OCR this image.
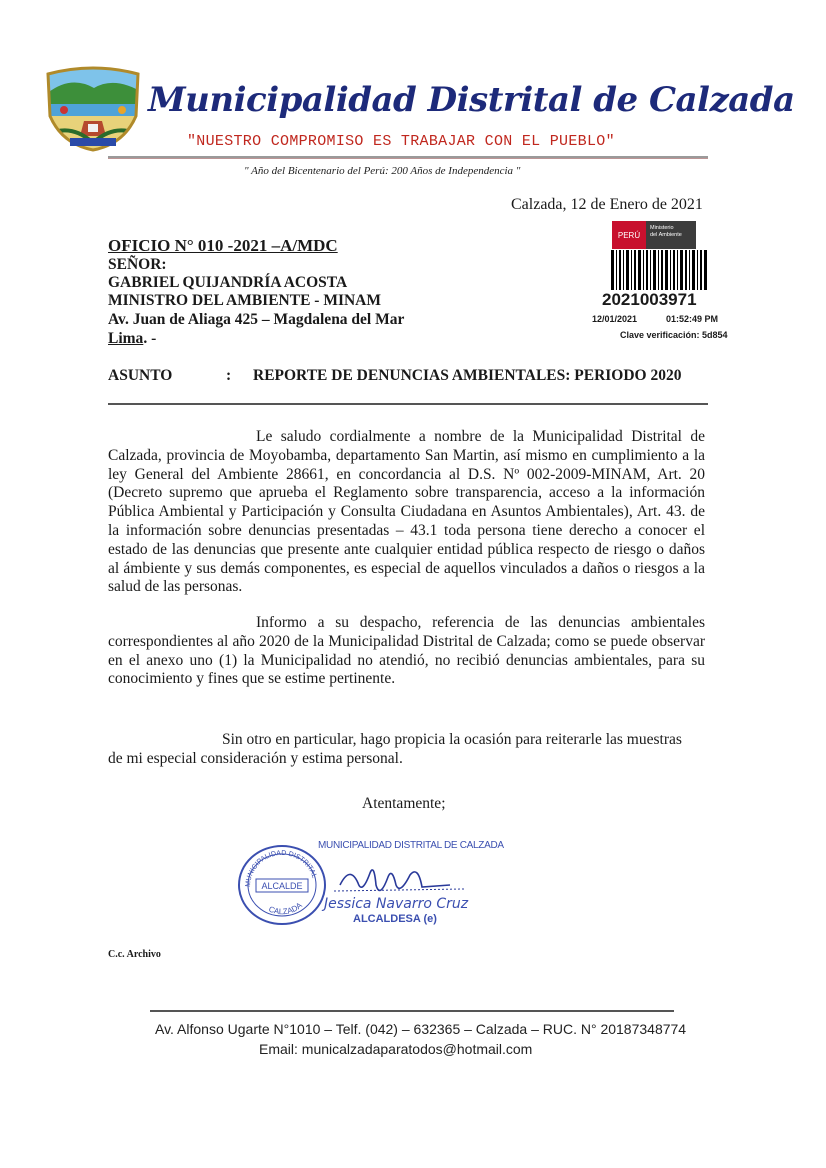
Municipalidad Distrital de Calzada
"NUESTRO COMPROMISO ES TRABAJAR CON EL PUEBLO"
" Año del Bicentenario del Perú: 200 Años de Independencia "
Calzada, 12 de Enero de 2021
OFICIO N° 010 -2021 –A/MDC
SEÑOR:
GABRIEL QUIJANDRÍA ACOSTA
MINISTRO DEL AMBIENTE - MINAM
Av. Juan de Aliaga 425 – Magdalena del Mar
Lima. -
PERÚ
Ministerio
del Ambiente
2021003971
12/01/2021	01:52:49 PM
Clave verificación: 5d854
ASUNTO	: REPORTE DE DENUNCIAS AMBIENTALES: PERIODO 2020
Le saludo cordialmente a nombre de la Municipalidad Distrital de Calzada, provincia de Moyobamba, departamento San Martin, así mismo en cumplimiento a la ley General del Ambiente 28661, en concordancia al D.S. Nº 002-2009-MINAM, Art. 20 (Decreto supremo que aprueba el Reglamento sobre transparencia, acceso a la información Pública Ambiental y Participación y Consulta Ciudadana en Asuntos Ambientales), Art. 43. de la información sobre denuncias presentadas – 43.1 toda persona tiene derecho a conocer el estado de las denuncias que presente ante cualquier entidad pública respecto de riesgo o daños al ámbiente y sus demás componentes, es especial de aquellos vinculados a daños o riesgos a la salud de las personas.
Informo a su despacho, referencia de las denuncias ambientales correspondientes al año 2020 de la Municipalidad Distrital de Calzada; como se puede observar en el anexo uno (1) la Municipalidad no atendió, no recibió denuncias ambientales, para su conocimiento y fines que se estime pertinente.
Sin otro en particular, hago propicia la ocasión para reiterarle las muestras
de mi especial consideración y estima personal.
Atentamente;
MUNICIPALIDAD DISTRITAL
ALCALDE
CALZADA
MUNICIPALIDAD DISTRITAL DE CALZADA
Jessica Navarro Cruz
ALCALDESA (e)
C.c. Archivo
Av. Alfonso Ugarte N°1010 – Telf. (042) – 632365 – Calzada – RUC. N° 20187348774
Email: municalzadaparatodos@hotmail.com
